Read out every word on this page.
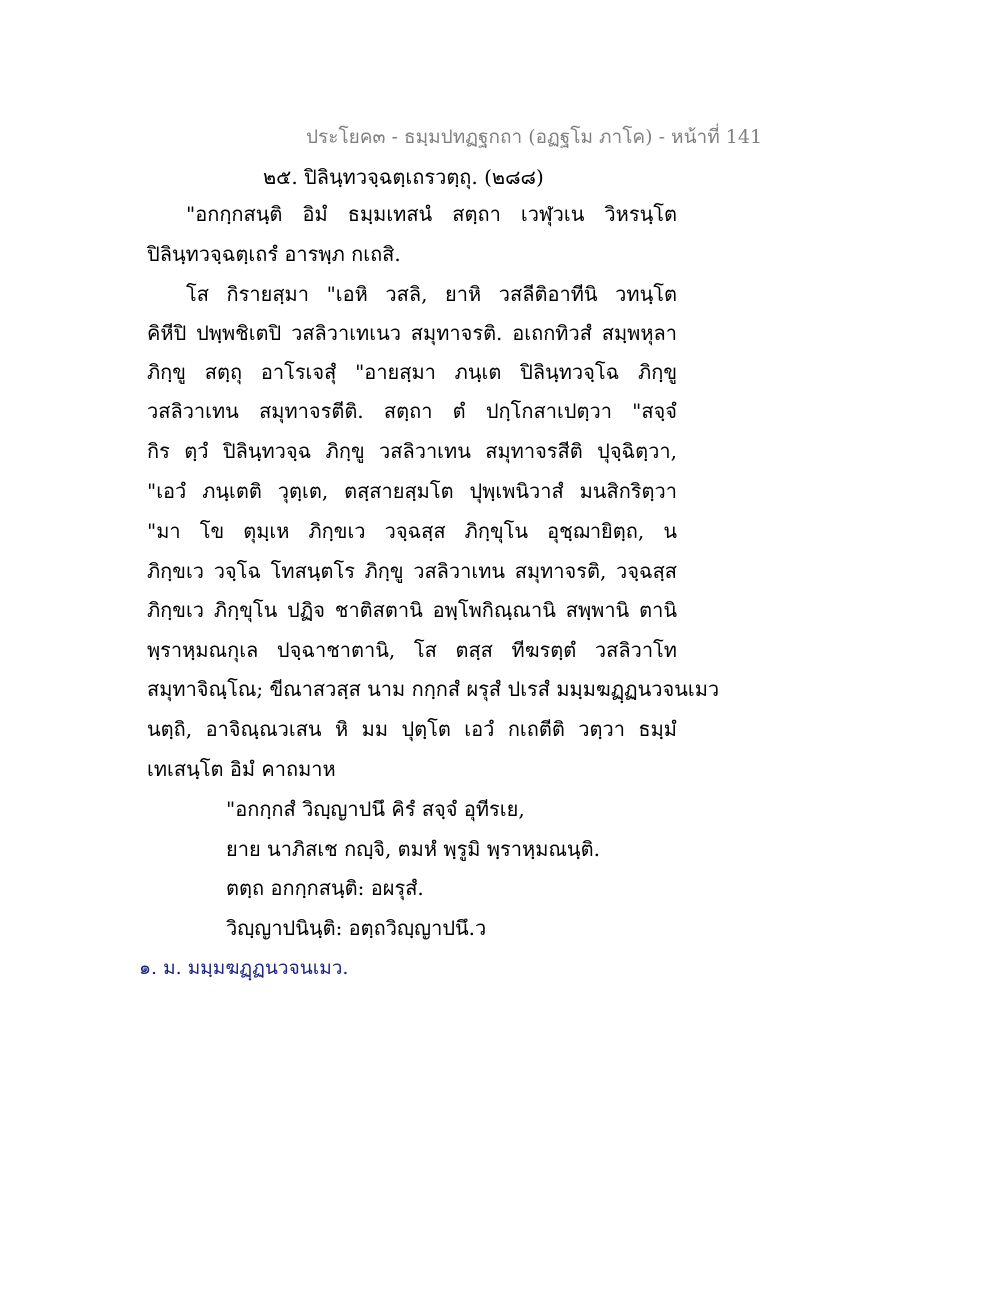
ประโยค๓ - ธมฺมปทฏฐกถา (อฏฐโม ภาโค) - หน้าที่ 141
๒๕. ปิลินฺทวจฺฉตฺเถรวตฺถุ. (๒๘๘)
"อกกฺกสนฺติ อิมํ ธมฺมเทสนํ สตฺถา เวฬุวเน วิหรนฺโต
ปิลินฺทวจฺฉตฺเถรํ อารพฺภ กเถสิ.
โส กิรายสฺมา "เอหิ วสลิ, ยาหิ วสลีติอาทีนิ วทนฺโต
คิหีปิ ปพฺพชิเตปิ วสลิวาเทเนว สมุทาจรติ. อเถกทิวสํ สมฺพหุลา
ภิกฺขู สตฺถุ อาโรเจสุํ "อายสฺมา ภนฺเต ปิลินฺทวจฺโฉ ภิกฺขู
วสลิวาเทน สมุทาจรตีติ. สตฺถา ตํ ปกฺโกสาเปตฺวา "สจฺจํ
กิร ตฺวํ ปิลินฺทวจฺฉ ภิกฺขู วสลิวาเทน สมุทาจรสีติ ปุจฺฉิตฺวา,
"เอวํ ภนฺเตติ วุตฺเต, ตสฺสายสฺมโต ปุพฺเพนิวาสํ มนสิกริตฺวา
"มา โข ตุมฺเห ภิกฺขเว วจฺฉสฺส ภิกฺขุโน อุชฺฌายิตฺถ, น
ภิกฺขเว วจฺโฉ โทสนฺตโร ภิกฺขู วสลิวาเทน สมุทาจรติ, วจฺฉสฺส
ภิกฺขเว ภิกฺขุโน ปฏิจ ชาติสตานิ อพฺโพกิณฺณานิ สพฺพานิ ตานิ
พฺราหฺมณกุเล ปจฺฉาชาตานิ, โส ตสฺส ทีฆรตฺตํ วสลิวาโท
สมุทาจิณฺโณ; ขีณาสวสฺส นาม กกฺกสํ ผรุสํ ปเรสํ มมฺมฆฏฺฏนวจนเมว
นตฺถิ, อาจิณฺณวเสน หิ มม ปุตฺโต เอวํ กเถตีติ วตฺวา ธมฺมํ
เทเสนฺโต อิมํ คาถมาห
"อกกฺกสํ วิญฺญาปนึ คิรํ สจฺจํ อุทีรเย,
ยาย นาภิสเช กญฺจิ, ตมหํ พฺรูมิ พฺราหฺมณนฺติ.
ตตฺถ อกกฺกสนฺติ: อผรุสํ.
วิญฺญาปนินฺติ: อตฺถวิญฺญาปนึ.ว
๑. ม. มมฺมฆฏฺฏนวจนเมว.
